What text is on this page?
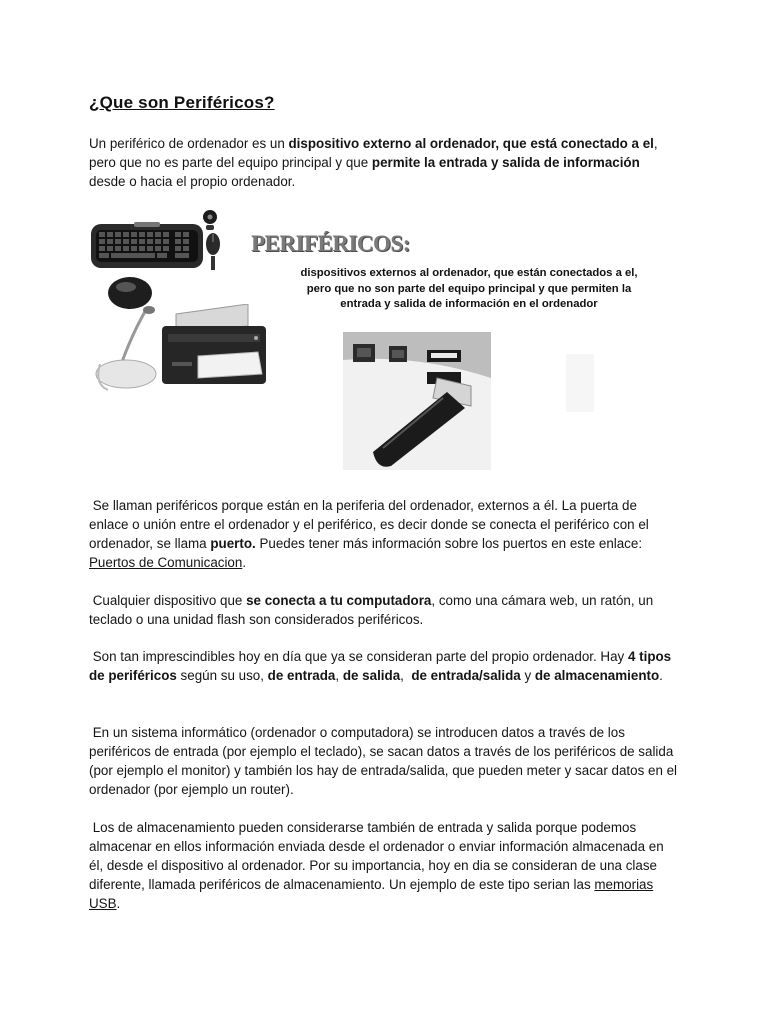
¿Que son Periféricos?

Un periférico de ordenador es un dispositivo externo al ordenador, que está conectado a el, pero que no es parte del equipo principal y que permite la entrada y salida de información desde o hacia el propio ordenador.

PERIFÉRICOS:

dispositivos externos al ordenador, que están conectados a el,
pero que no son parte del equipo principal y que permiten la
entrada y salida de información en el ordenador

Se llaman periféricos porque están en la periferia del ordenador, externos a él. La puerta de enlace o unión entre el ordenador y el periférico, es decir donde se conecta el periférico con el ordenador, se llama puerto. Puedes tener más información sobre los puertos en este enlace: Puertos de Comunicacion.

Cualquier dispositivo que se conecta a tu computadora, como una cámara web, un ratón, un teclado o una unidad flash son considerados periféricos.

Son tan imprescindibles hoy en día que ya se consideran parte del propio ordenador. Hay 4 tipos de periféricos según su uso, de entrada, de salida,  de entrada/salida y de almacenamiento.

En un sistema informático (ordenador o computadora) se introducen datos a través de los periféricos de entrada (por ejemplo el teclado), se sacan datos a través de los periféricos de salida (por ejemplo el monitor) y también los hay de entrada/salida, que pueden meter y sacar datos en el ordenador (por ejemplo un router).

Los de almacenamiento pueden considerarse también de entrada y salida porque podemos almacenar en ellos información enviada desde el ordenador o enviar información almacenada en él, desde el dispositivo al ordenador. Por su importancia, hoy en dia se consideran de una clase diferente, llamada periféricos de almacenamiento. Un ejemplo de este tipo serian las memorias USB.
